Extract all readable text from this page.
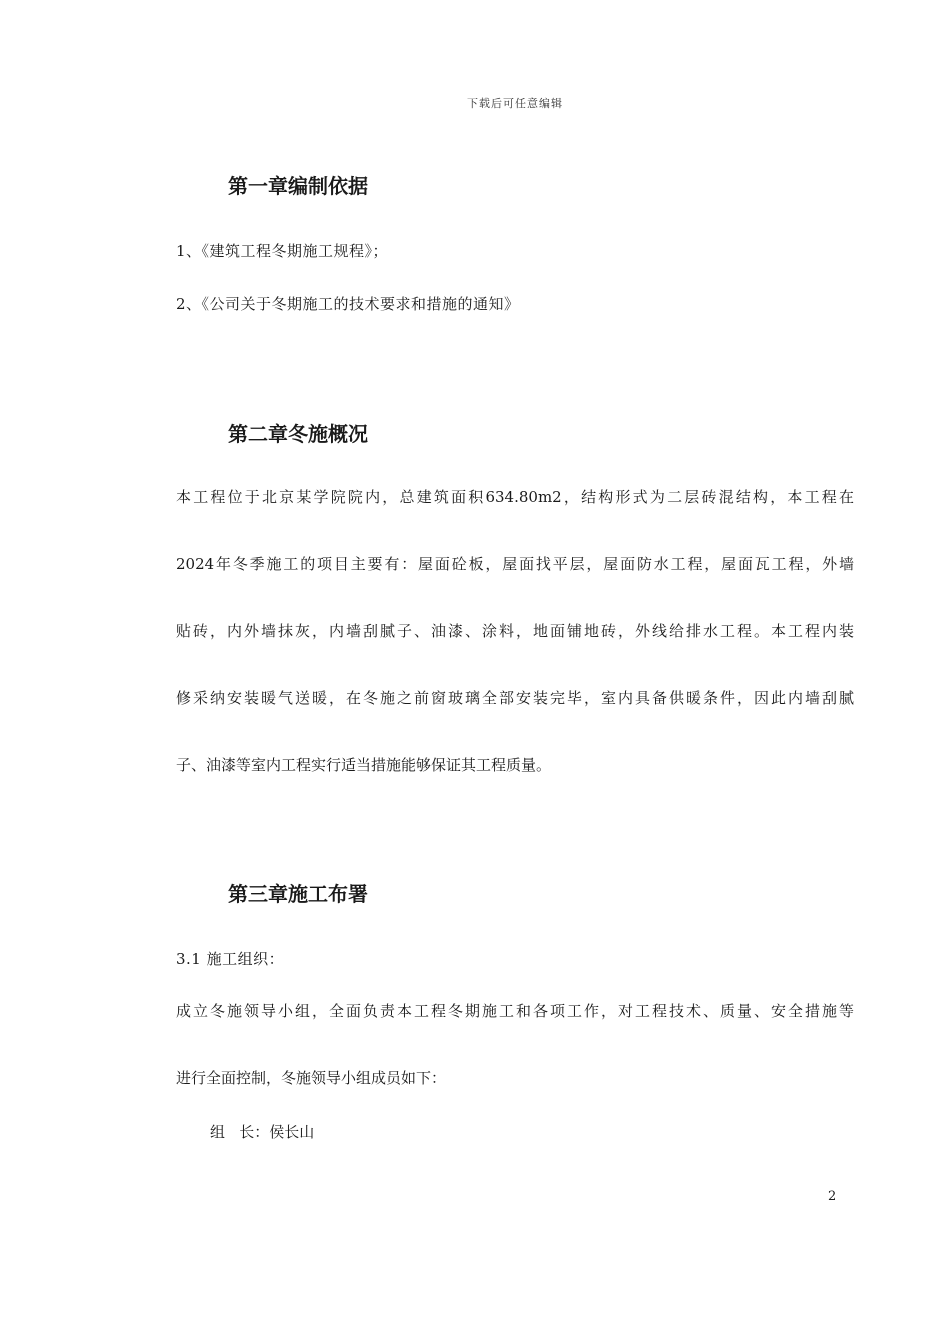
下载后可任意编辑
第一章编制依据
1、《建筑工程冬期施工规程》；
2、《公司关于冬期施工的技术要求和措施的通知》
第二章冬施概况
本工程位于北京某学院院内，总建筑面积634.80m2，结构形式为二层砖混结构，本工程在
2024年冬季施工的项目主要有：屋面砼板，屋面找平层，屋面防水工程，屋面瓦工程，外墙
贴砖，内外墙抹灰，内墙刮腻子、油漆、涂料，地面铺地砖，外线给排水工程。本工程内装
修采纳安装暖气送暖，在冬施之前窗玻璃全部安装完毕，室内具备供暖条件，因此内墙刮腻
子、油漆等室内工程实行适当措施能够保证其工程质量。
第三章施工布署
3.1 施工组织：
成立冬施领导小组，全面负责本工程冬期施工和各项工作，对工程技术、质量、安全措施等
进行全面控制，冬施领导小组成员如下：
组   长：侯长山
2
